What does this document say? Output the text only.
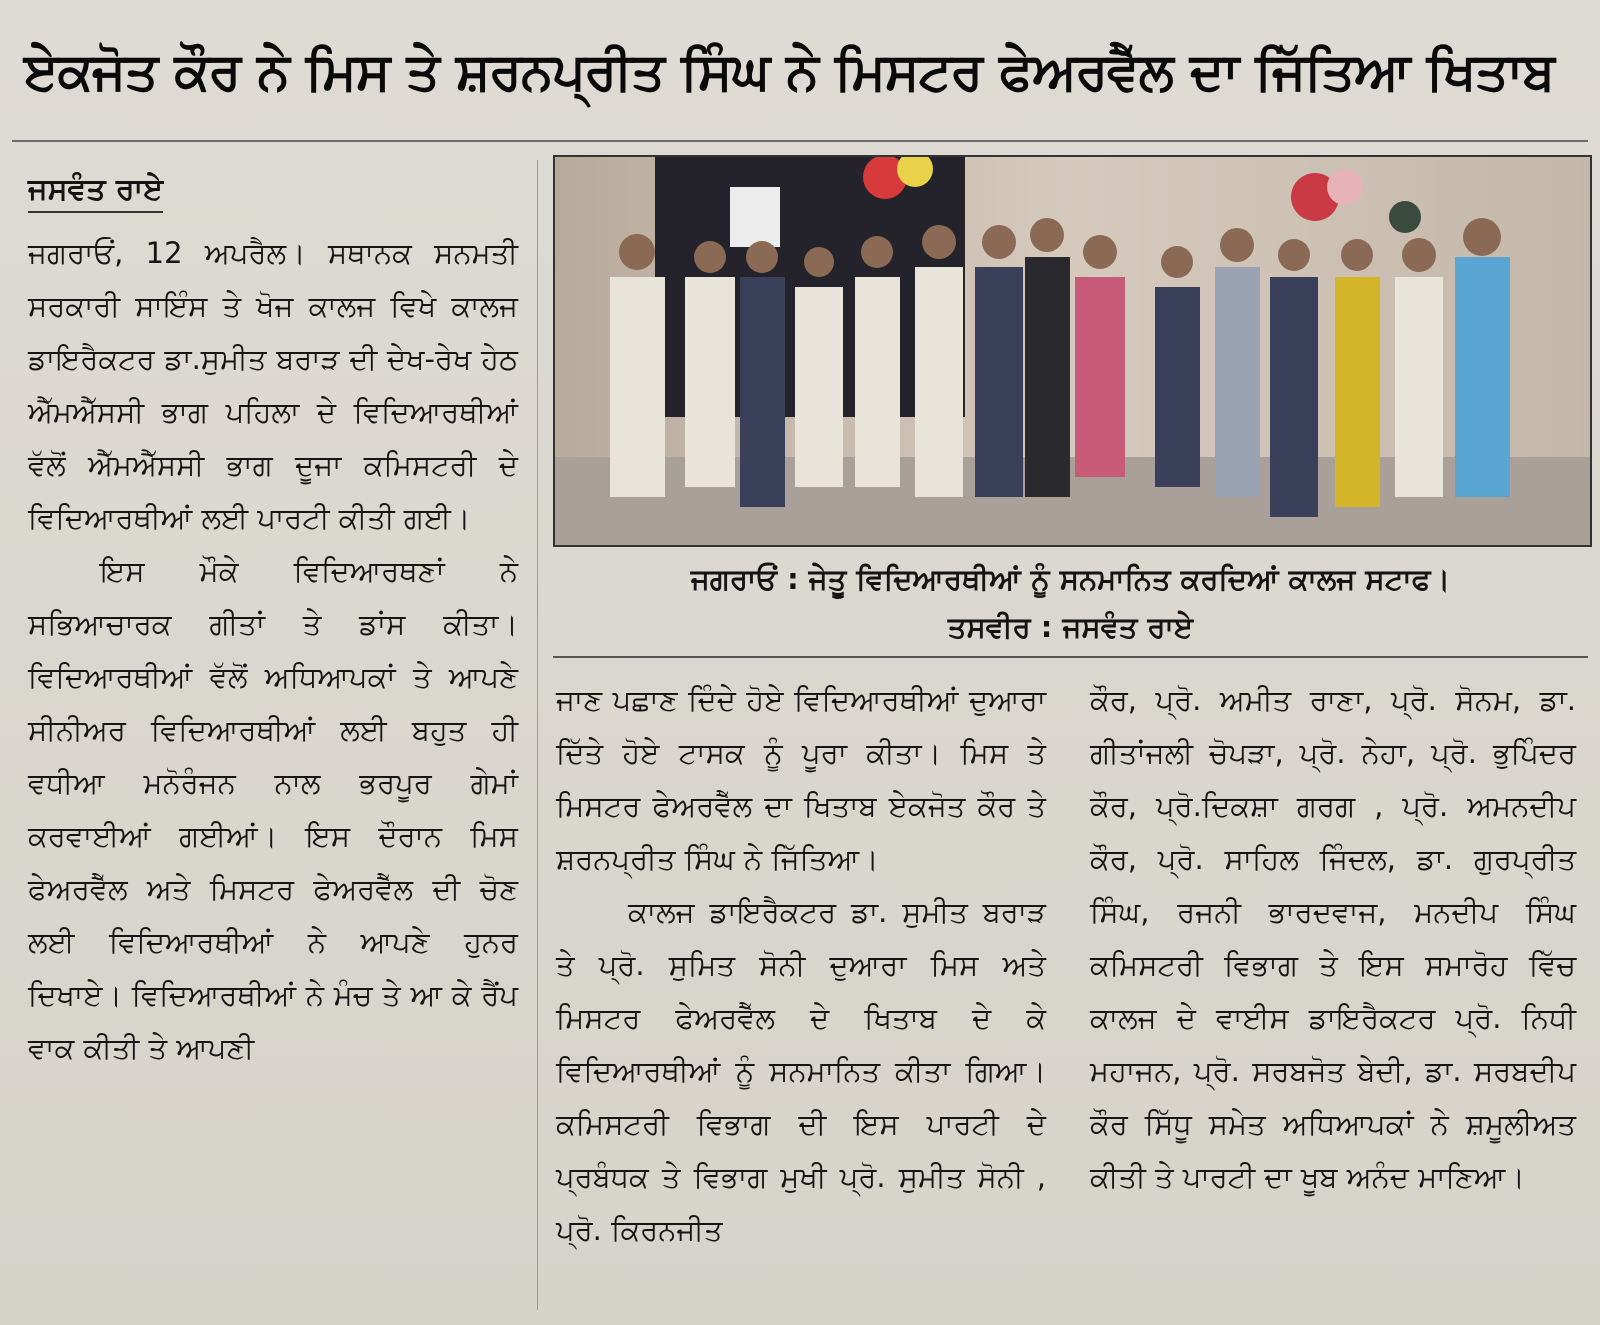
ਏਕਜੋਤ ਕੌਰ ਨੇ ਮਿਸ ਤੇ ਸ਼ਰਨਪ੍ਰੀਤ ਸਿੰਘ ਨੇ ਮਿਸਟਰ ਫੇਅਰਵੈੱਲ ਦਾ ਜਿੱਤਿਆ ਖਿਤਾਬ
ਜਸਵੰਤ ਰਾਏ

ਜਗਰਾਓਂ, 12 ਅਪਰੈਲ। ਸਥਾਨਕ ਸਨਮਤੀ ਸਰਕਾਰੀ ਸਾਇੰਸ ਤੇ ਖੋਜ ਕਾਲਜ ਵਿਖੇ ਕਾਲਜ ਡਾਇਰੈਕਟਰ ਡਾ.ਸੁਮੀਤ ਬਰਾੜ ਦੀ ਦੇਖ-ਰੇਖ ਹੇਠ ਐੱਮਐੱਸਸੀ ਭਾਗ ਪਹਿਲਾ ਦੇ ਵਿਦਿਆਰਥੀਆਂ ਵੱਲੋਂ ਐੱਮਐੱਸਸੀ ਭਾਗ ਦੂਜਾ ਕਮਿਸਟਰੀ ਦੇ ਵਿਦਿਆਰਥੀਆਂ ਲਈ ਪਾਰਟੀ ਕੀਤੀ ਗਈ।

ਇਸ ਮੌਕੇ ਵਿਦਿਆਰਥਣਾਂ ਨੇ ਸਭਿਆਚਾਰਕ ਗੀਤਾਂ ਤੇ ਡਾਂਸ ਕੀਤਾ। ਵਿਦਿਆਰਥੀਆਂ ਵੱਲੋਂ ਅਧਿਆਪਕਾਂ ਤੇ ਆਪਣੇ ਸੀਨੀਅਰ ਵਿਦਿਆਰਥੀਆਂ ਲਈ ਬਹੁਤ ਹੀ ਵਧੀਆ ਮਨੋਰੰਜਨ ਨਾਲ ਭਰਪੂਰ ਗੇਮਾਂ ਕਰਵਾਈਆਂ ਗਈਆਂ। ਇਸ ਦੌਰਾਨ ਮਿਸ ਫੇਅਰਵੈੱਲ ਅਤੇ ਮਿਸਟਰ ਫੇਅਰਵੈੱਲ ਦੀ ਚੋਣ ਲਈ ਵਿਦਿਆਰਥੀਆਂ ਨੇ ਆਪਣੇ ਹੁਨਰ ਦਿਖਾਏ। ਵਿਦਿਆਰਥੀਆਂ ਨੇ ਮੰਚ ਤੇ ਆ ਕੇ ਰੈਂਪ ਵਾਕ ਕੀਤੀ ਤੇ ਆਪਣੀ

ਜਗਰਾਓਂ : ਜੇਤੂ ਵਿਦਿਆਰਥੀਆਂ ਨੂੰ ਸਨਮਾਨਿਤ ਕਰਦਿਆਂ ਕਾਲਜ ਸਟਾਫ।
ਤਸਵੀਰ : ਜਸਵੰਤ ਰਾਏ

ਜਾਣ ਪਛਾਣ ਦਿੰਦੇ ਹੋਏ ਵਿਦਿਆਰਥੀਆਂ ਦੁਆਰਾ ਦਿੱਤੇ ਹੋਏ ਟਾਸਕ ਨੂੰ ਪੂਰਾ ਕੀਤਾ। ਮਿਸ ਤੇ ਮਿਸਟਰ ਫੇਅਰਵੈੱਲ ਦਾ ਖਿਤਾਬ ਏਕਜੋਤ ਕੌਰ ਤੇ ਸ਼ਰਨਪ੍ਰੀਤ ਸਿੰਘ ਨੇ ਜਿੱਤਿਆ।

ਕਾਲਜ ਡਾਇਰੈਕਟਰ ਡਾ. ਸੁਮੀਤ ਬਰਾੜ ਤੇ ਪ੍ਰੋ. ਸੁਮਿਤ ਸੋਨੀ ਦੁਆਰਾ ਮਿਸ ਅਤੇ ਮਿਸਟਰ ਫੇਅਰਵੈੱਲ ਦੇ ਖਿਤਾਬ ਦੇ ਕੇ ਵਿਦਿਆਰਥੀਆਂ ਨੂੰ ਸਨਮਾਨਿਤ ਕੀਤਾ ਗਿਆ। ਕਮਿਸਟਰੀ ਵਿਭਾਗ ਦੀ ਇਸ ਪਾਰਟੀ ਦੇ ਪ੍ਰਬੰਧਕ ਤੇ ਵਿਭਾਗ ਮੁਖੀ ਪ੍ਰੋ. ਸੁਮੀਤ ਸੋਨੀ , ਪ੍ਰੋ. ਕਿਰਨਜੀਤ

ਕੌਰ, ਪ੍ਰੋ. ਅਮੀਤ ਰਾਣਾ, ਪ੍ਰੋ. ਸੋਨਮ, ਡਾ. ਗੀਤਾਂਜਲੀ ਚੋਪੜਾ, ਪ੍ਰੋ. ਨੇਹਾ, ਪ੍ਰੋ. ਭੁਪਿੰਦਰ ਕੌਰ, ਪ੍ਰੋ.ਦਿਕਸ਼ਾ ਗਰਗ , ਪ੍ਰੋ. ਅਮਨਦੀਪ ਕੌਰ, ਪ੍ਰੋ. ਸਾਹਿਲ ਜਿੰਦਲ, ਡਾ. ਗੁਰਪ੍ਰੀਤ ਸਿੰਘ, ਰਜਨੀ ਭਾਰਦਵਾਜ, ਮਨਦੀਪ ਸਿੰਘ ਕਮਿਸਟਰੀ ਵਿਭਾਗ ਤੇ ਇਸ ਸਮਾਰੋਹ ਵਿੱਚ ਕਾਲਜ ਦੇ ਵਾਈਸ ਡਾਇਰੈਕਟਰ ਪ੍ਰੋ. ਨਿਧੀ ਮਹਾਜਨ, ਪ੍ਰੋ. ਸਰਬਜੋਤ ਬੇਦੀ, ਡਾ. ਸਰਬਦੀਪ ਕੌਰ ਸਿੱਧੂ ਸਮੇਤ ਅਧਿਆਪਕਾਂ ਨੇ ਸ਼ਮੂਲੀਅਤ ਕੀਤੀ ਤੇ ਪਾਰਟੀ ਦਾ ਖੂਬ ਅਨੰਦ ਮਾਣਿਆ।
